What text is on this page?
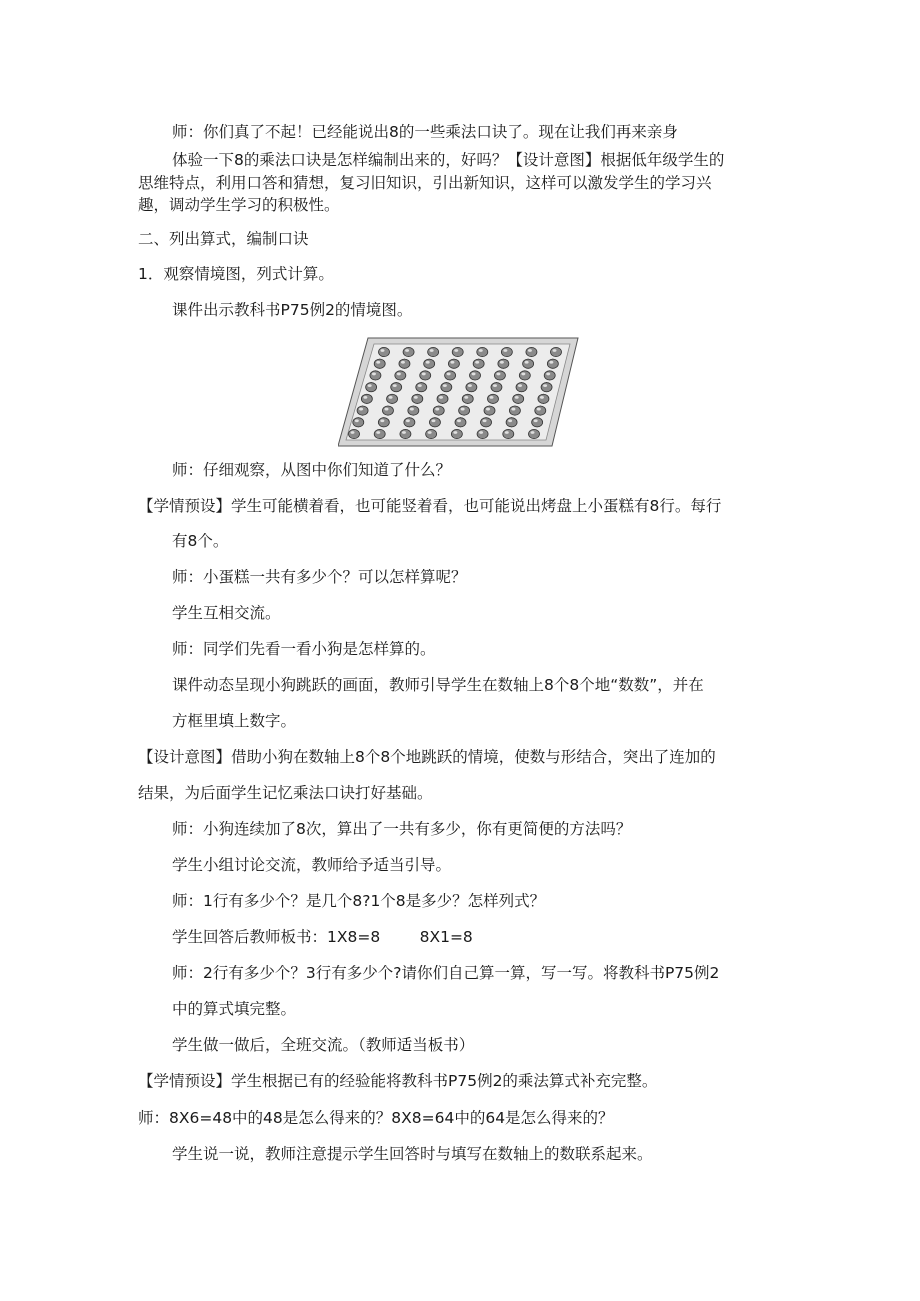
师：你们真了不起！已经能说出8的一些乘法口诀了。现在让我们再来亲身
体验一下8的乘法口诀是怎样编制出来的，好吗？【设计意图】根据低年级学生的
思维特点，利用口答和猜想，复习旧知识，引出新知识，这样可以激发学生的学习兴
趣，调动学生学习的积极性。
二、列出算式，编制口诀
1．观察情境图，列式计算。
课件出示教科书P75例2的情境图。
师：仔细观察，从图中你们知道了什么？
【学情预设】学生可能横着看，也可能竖着看，也可能说出烤盘上小蛋糕有8行。每行
有8个。
师：小蛋糕一共有多少个？可以怎样算呢？
学生互相交流。
师：同学们先看一看小狗是怎样算的。
课件动态呈现小狗跳跃的画面，教师引导学生在数轴上8个8个地“数数”，并在
方框里填上数字。
【设计意图】借助小狗在数轴上8个8个地跳跃的情境，使数与形结合，突出了连加的
结果，为后面学生记忆乘法口诀打好基础。
师：小狗连续加了8次，算出了一共有多少，你有更简便的方法吗？
学生小组讨论交流，教师给予适当引导。
师：1行有多少个？是几个8?1个8是多少？怎样列式？
学生回答后教师板书：1X8=8        8X1=8
师：2行有多少个？3行有多少个?请你们自己算一算，写一写。将教科书P75例2
中的算式填完整。
学生做一做后，全班交流。（教师适当板书）
【学情预设】学生根据已有的经验能将教科书P75例2的乘法算式补充完整。
师：8X6=48中的48是怎么得来的？8X8=64中的64是怎么得来的？
学生说一说，教师注意提示学生回答时与填写在数轴上的数联系起来。
